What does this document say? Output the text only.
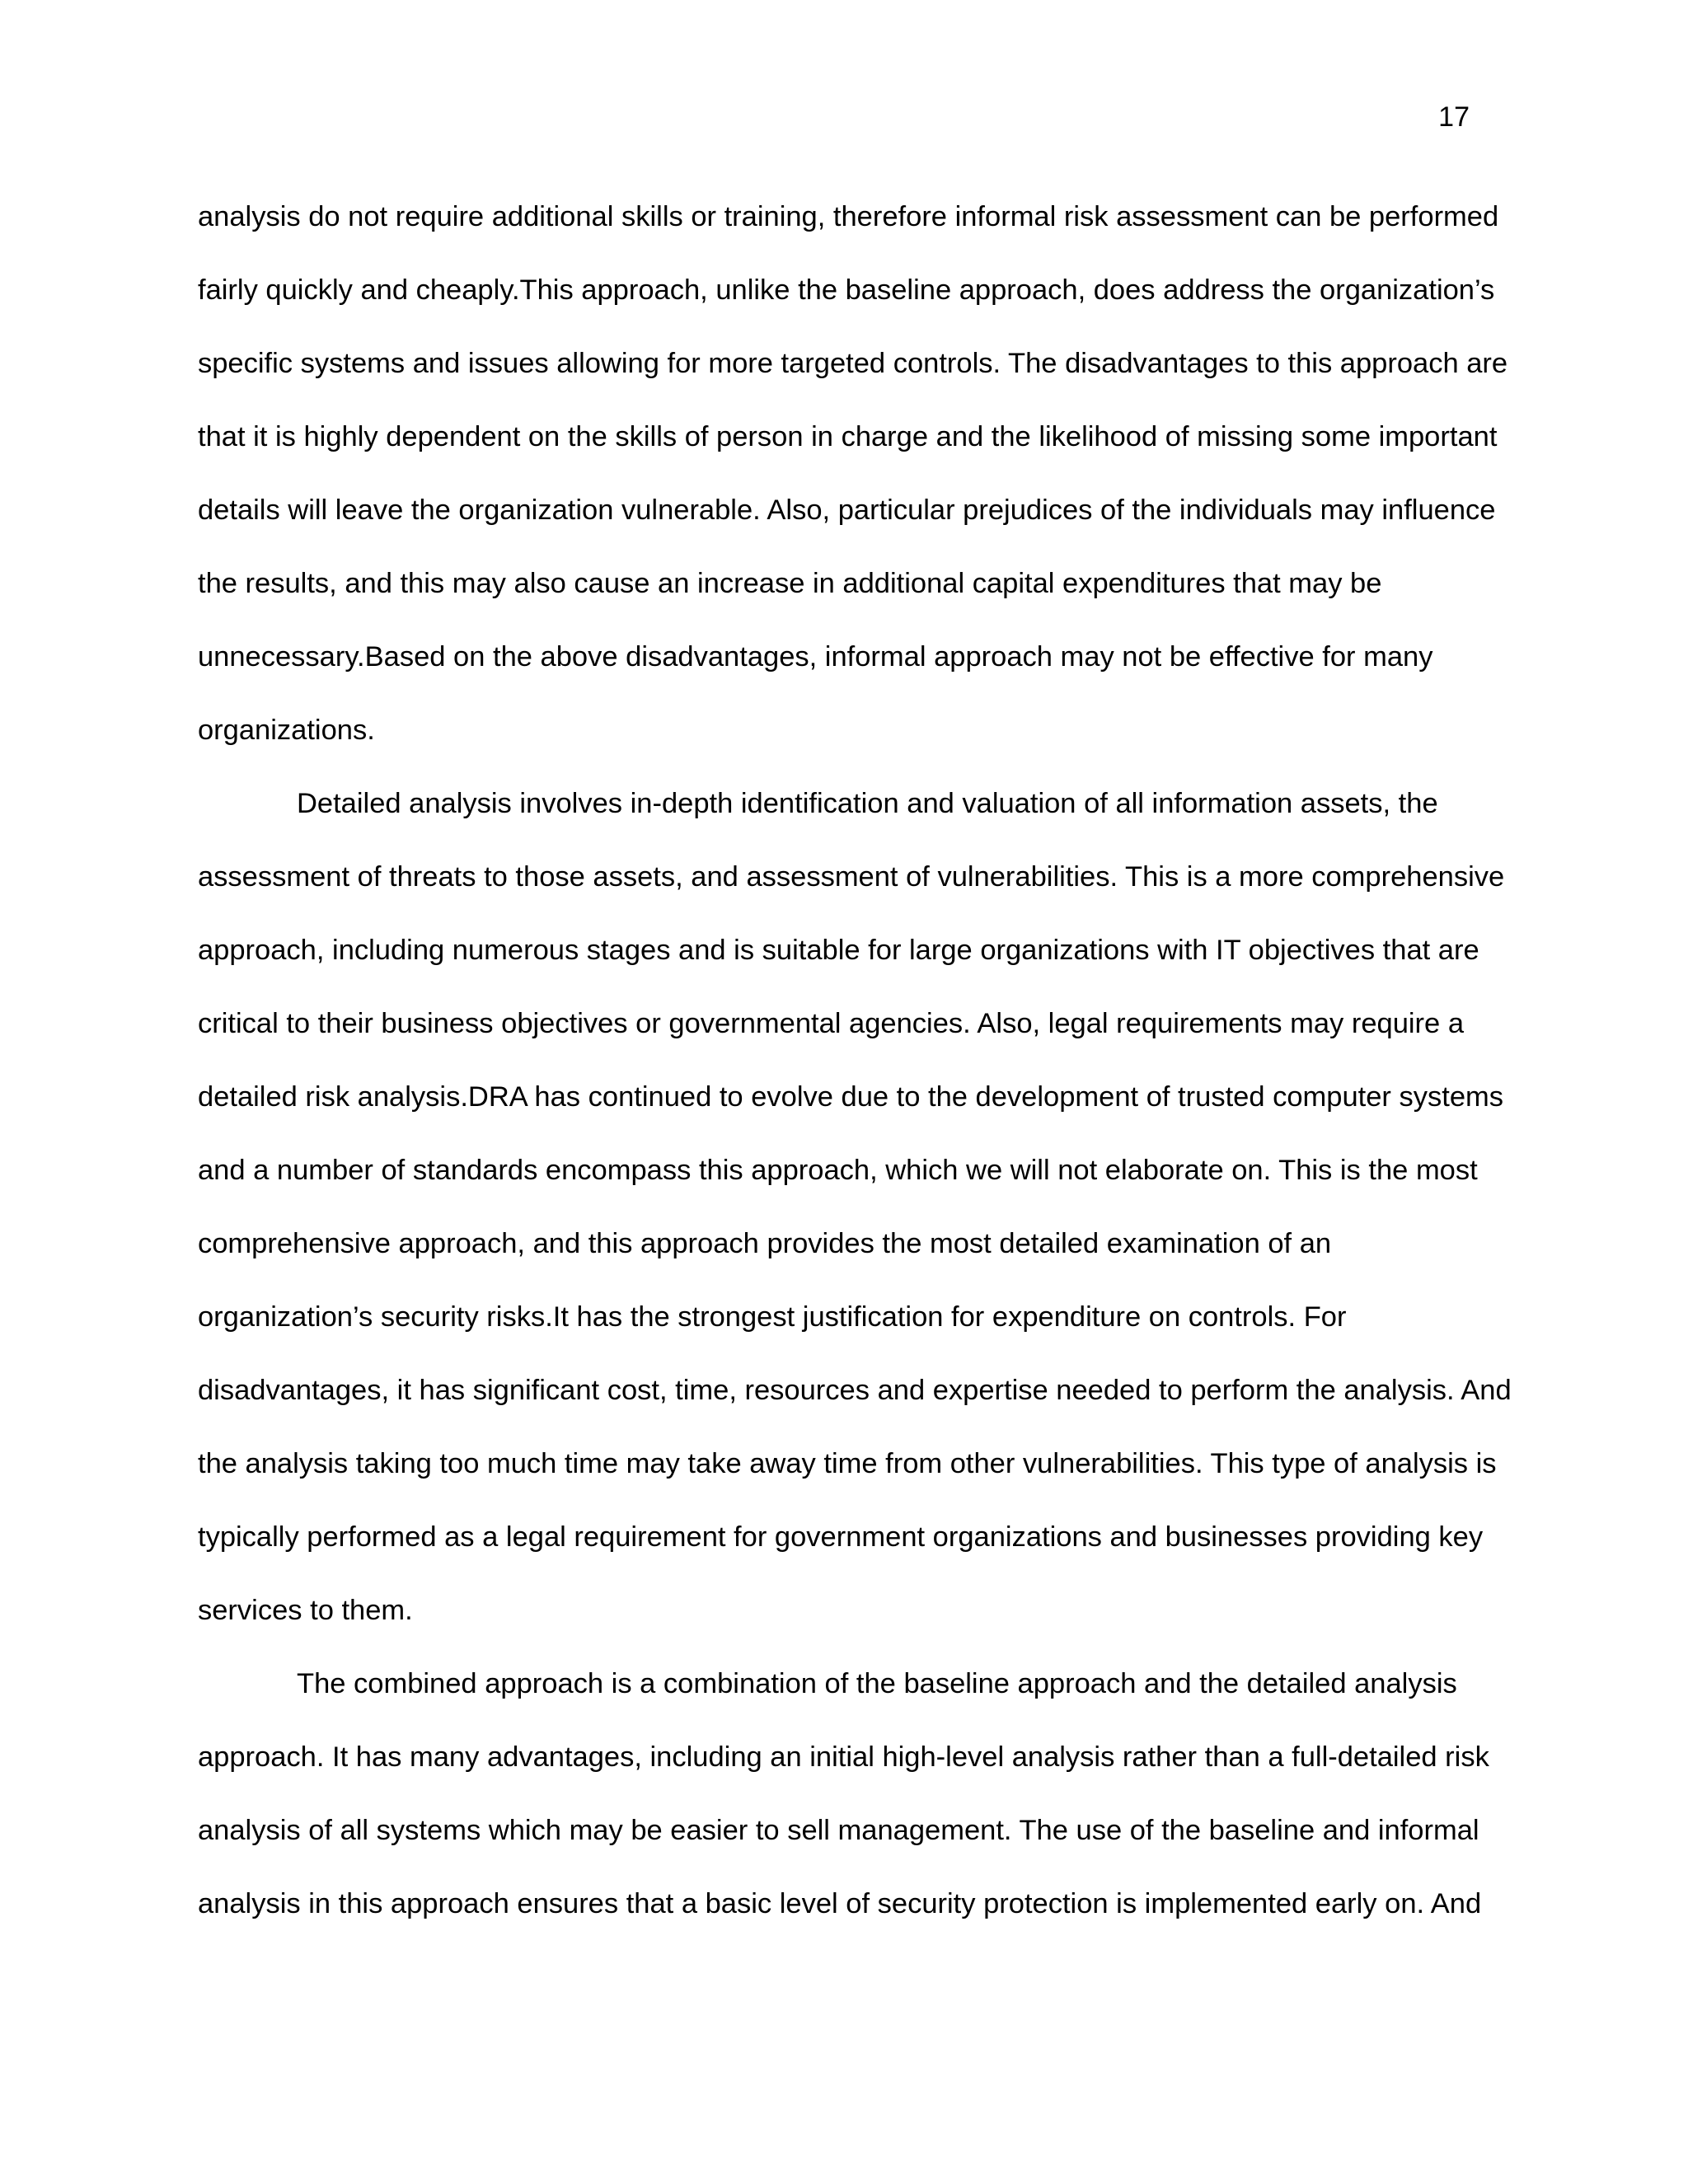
17
analysis do not require additional skills or training, therefore informal risk assessment can be performed
fairly quickly and cheaply.This approach, unlike the baseline approach, does address the organization’s
specific systems and issues allowing for more targeted controls. The disadvantages to this approach are
that it is highly dependent on the skills of person in charge and the likelihood of missing some important
details will leave the organization vulnerable. Also, particular prejudices of the individuals may influence
the results, and this may also cause an increase in additional capital expenditures that may be
unnecessary.Based on the above disadvantages, informal approach may not be effective for many
organizations.
Detailed analysis involves in-depth identification and valuation of all information assets, the
assessment of threats to those assets, and assessment of vulnerabilities. This is a more comprehensive
approach, including numerous stages and is suitable for large organizations with IT objectives that are
critical to their business objectives or governmental agencies. Also, legal requirements may require a
detailed risk analysis.DRA has continued to evolve due to the development of trusted computer systems
and a number of standards encompass this approach, which we will not elaborate on. This is the most
comprehensive approach, and this approach provides the most detailed examination of an
organization’s security risks.It has the strongest justification for expenditure on controls. For
disadvantages, it has significant cost, time, resources and expertise needed to perform the analysis. And
the analysis taking too much time may take away time from other vulnerabilities. This type of analysis is
typically performed as a legal requirement for government organizations and businesses providing key
services to them.
The combined approach is a combination of the baseline approach and the detailed analysis
approach. It has many advantages, including an initial high-level analysis rather than a full-detailed risk
analysis of all systems which may be easier to sell management. The use of the baseline and informal
analysis in this approach ensures that a basic level of security protection is implemented early on. And
